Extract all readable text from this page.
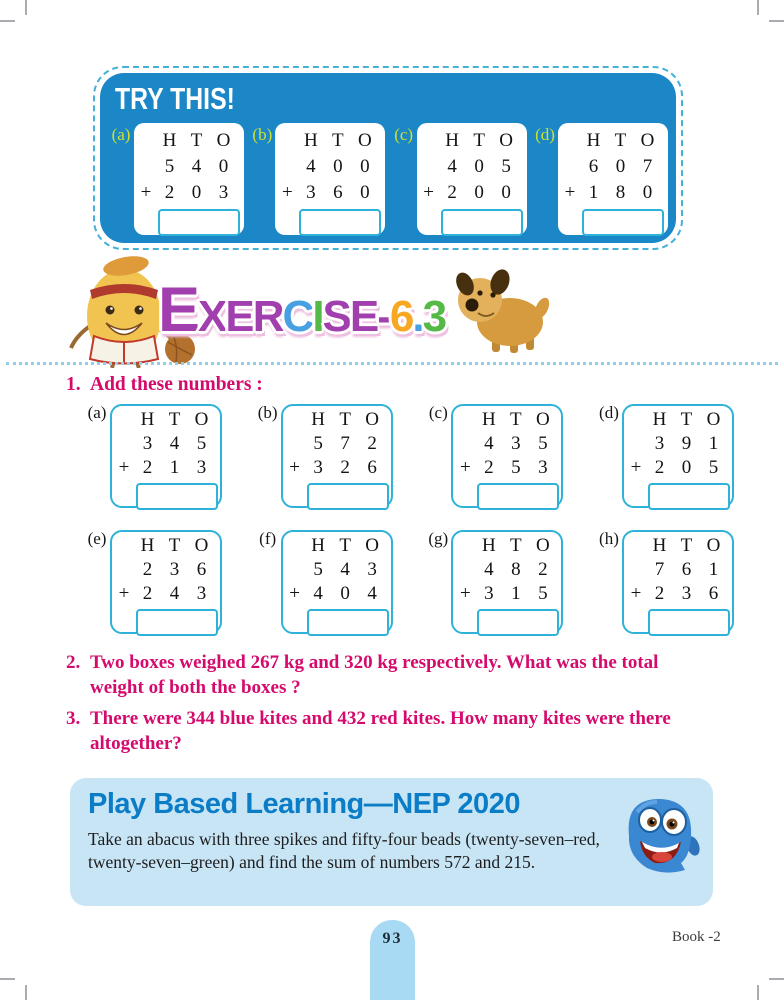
TRY THIS!
(a) H T O
5 4 0
+ 2 0 3
(b) H T O
4 0 0
+ 3 6 0
(c) H T O
4 0 5
+ 2 0 0
(d) H T O
6 0 7
+ 1 8 0
E X E R C I S E - 6 . 3
1. Add these numbers :
(a) H T O
3 4 5
+ 2 1 3
(b) H T O
5 7 2
+ 3 2 6
(c) H T O
4 3 5
+ 2 5 3
(d) H T O
3 9 1
+ 2 0 5
(e) H T O
2 3 6
+ 2 4 3
(f) H T O
5 4 3
+ 4 0 4
(g) H T O
4 8 2
+ 3 1 5
(h) H T O
7 6 1
+ 2 3 6
2. Two boxes weighed 267 kg and 320 kg respectively. What was the total weight of both the boxes ?
3. There were 344 blue kites and 432 red kites. How many kites were there altogether?
Play Based Learning—NEP 2020
Take an abacus with three spikes and fifty-four beads (twenty-seven–red, twenty-seven–green) and find the sum of numbers 572 and 215.
93	Book -2
